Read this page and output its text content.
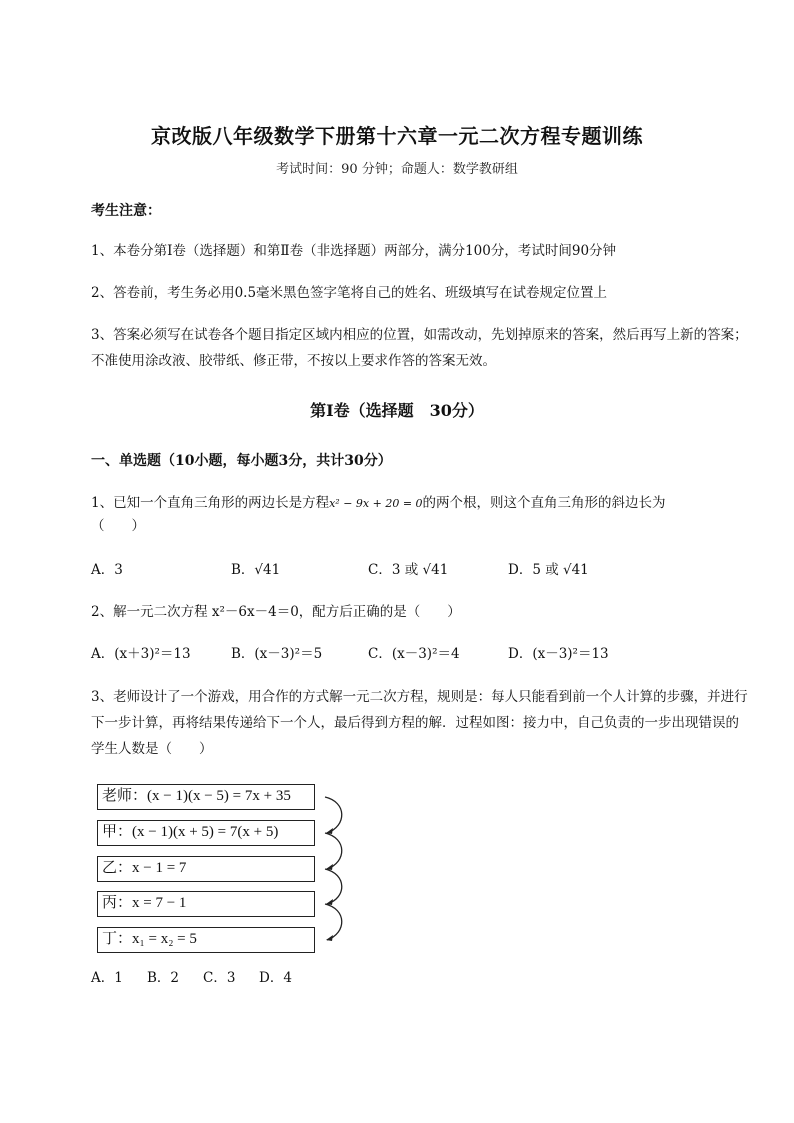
京改版八年级数学下册第十六章一元二次方程专题训练
考试时间：90 分钟；命题人：数学教研组
考生注意：
1、本卷分第Ⅰ卷（选择题）和第Ⅱ卷（非选择题）两部分，满分100分，考试时间90分钟
2、答卷前，考生务必用0.5毫米黑色签字笔将自己的姓名、班级填写在试卷规定位置上
3、答案必须写在试卷各个题目指定区域内相应的位置，如需改动，先划掉原来的答案，然后再写上新的答案；不准使用涂改液、胶带纸、修正带，不按以上要求作答的答案无效。
第Ⅰ卷（选择题　30分）
一、单选题（10小题，每小题3分，共计30分）
1、已知一个直角三角形的两边长是方程x² − 9x + 20 = 0的两个根，则这个直角三角形的斜边长为
（　　）
A．3	B．√41	C．3 或 √41	D．5 或 √41
2、解一元二次方程 x²－6x－4＝0，配方后正确的是（　　）
A．(x＋3)²＝13	B．(x－3)²＝5	C．(x－3)²＝4	D．(x－3)²＝13
3、老师设计了一个游戏，用合作的方式解一元二次方程，规则是：每人只能看到前一个人计算的步骤，并进行下一步计算，再将结果传递给下一个人，最后得到方程的解．过程如图：接力中，自己负责的一步出现错误的学生人数是（　　）
老师：(x − 1)(x − 5) = 7x + 35
甲：(x − 1)(x + 5) = 7(x + 5)
乙：x − 1 = 7
丙：x = 7 − 1
丁：x₁ = x₂ = 5
A．1 B．2 C．3 D．4
